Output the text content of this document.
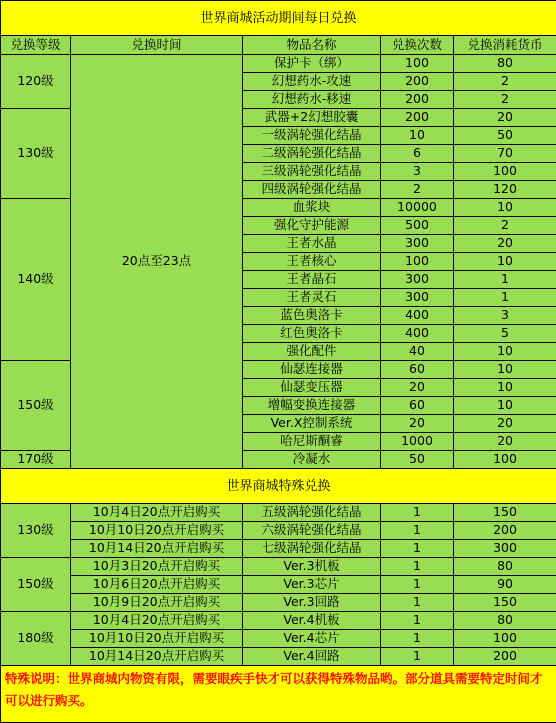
世界商城活动期间每日兑换				
兑换等级	兑换时间	物品名称	兑换次数	兑换消耗货币
120级	20点至23点	保护卡（绑）	100	80
		幻想药水-攻速	200	2
		幻想药水-移速	200	2
130级		武器+2幻想胶囊	200	20
		一级涡轮强化结晶	10	50
		二级涡轮强化结晶	6	70
		三级涡轮强化结晶	3	100
		四级涡轮强化结晶	2	120
140级		血浆块	10000	10
		强化守护能源	500	2
		王者水晶	300	20
		王者核心	100	10
		王者晶石	300	1
		王者灵石	300	1
		蓝色奥洛卡	400	3
		红色奥洛卡	400	5
		强化配件	40	10
150级		仙瑟连接器	60	10
		仙瑟变压器	20	10
		增幅变换连接器	60	10
		Ver.X控制系统	20	20
		哈尼斯酮睿	1000	20
170级		冷凝水	50	100
世界商城特殊兑换				
130级	10月4日20点开启购买	五级涡轮强化结晶	1	150
	10月10日20点开启购买	六级涡轮强化结晶	1	200
	10月14日20点开启购买	七级涡轮强化结晶	1	300
150级	10月3日20点开启购买	Ver.3机板	1	80
	10月6日20点开启购买	Ver.3芯片	1	90
	10月9日20点开启购买	Ver.3回路	1	150
180级	10月4日20点开启购买	Ver.4机板	1	80
	10月10日20点开启购买	Ver.4芯片	1	100
	10月14日20点开启购买	Ver.4回路	1	200
特殊说明：世界商城内物资有限，需要眼疾手快才可以获得特殊物品哟。部分道具需要特定时间才可以进行购买。				
